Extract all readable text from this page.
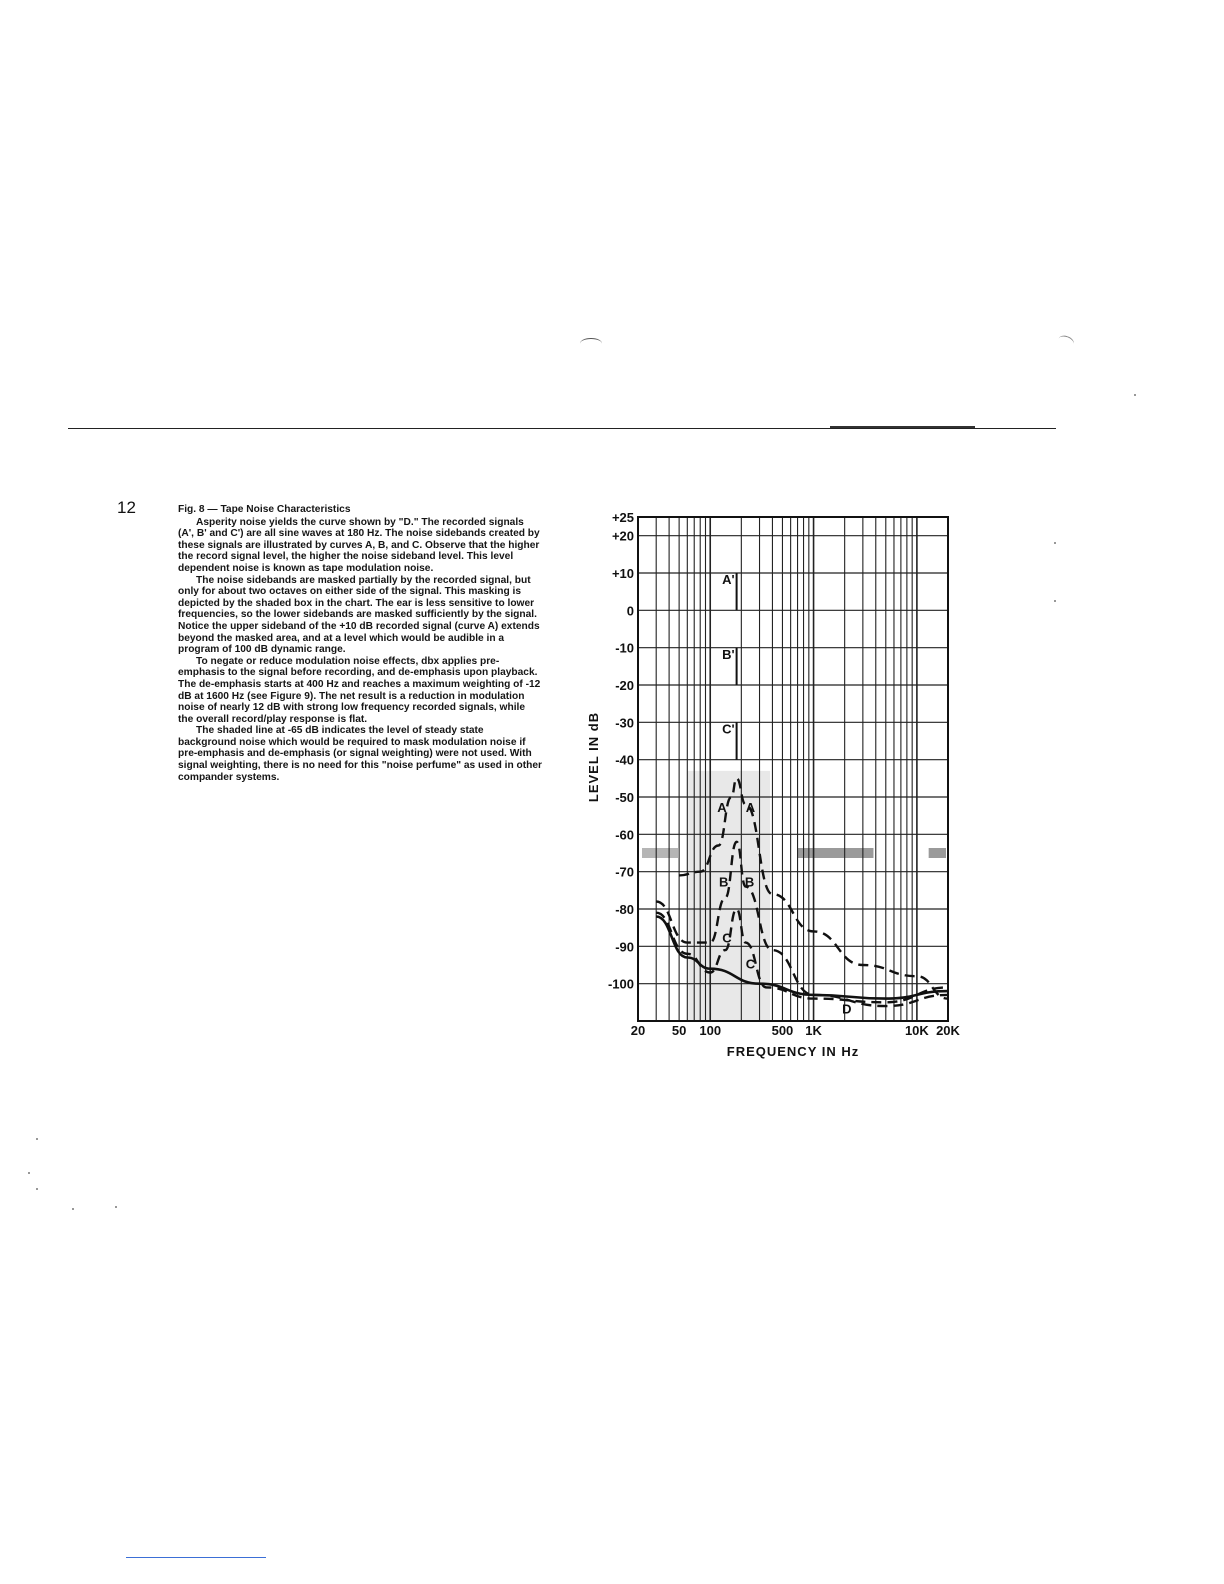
12	Fig. 8 — Tape Noise Characteristics

Asperity noise yields the curve shown by "D." The recorded signals (A', B' and C') are all sine waves at 180 Hz. The noise sidebands created by these signals are illustrated by curves A, B, and C. Observe that the higher the record signal level, the higher the noise sideband level. This level dependent noise is known as tape modulation noise.

The noise sidebands are masked partially by the recorded signal, but only for about two octaves on either side of the signal. This masking is depicted by the shaded box in the chart. The ear is less sensitive to lower frequencies, so the lower sidebands are masked sufficiently by the signal. Notice the upper sideband of the +10 dB recorded signal (curve A) extends beyond the masked area, and at a level which would be audible in a program of 100 dB dynamic range.

To negate or reduce modulation noise effects, dbx applies pre-emphasis to the signal before recording, and de-emphasis upon playback. The de-emphasis starts at 400 Hz and reaches a maximum weighting of -12 dB at 1600 Hz (see Figure 9). The net result is a reduction in modulation noise of nearly 12 dB with strong low frequency recorded signals, while the overall record/play response is flat.

The shaded line at -65 dB indicates the level of steady state background noise which would be required to mask modulation noise if pre-emphasis and de-emphasis (or signal weighting) were not used. With signal weighting, there is no need for this "noise perfume" as used in other compander systems.

+25
+20
+10
0
-10
-20
-30
-40
-50
-60
-70
-80
-90
-100
20 50 100	500 1K	10K 20K
FREQUENCY IN Hz
LEVEL IN dB
A'
B'
C'
A A
B B
C
C
D
